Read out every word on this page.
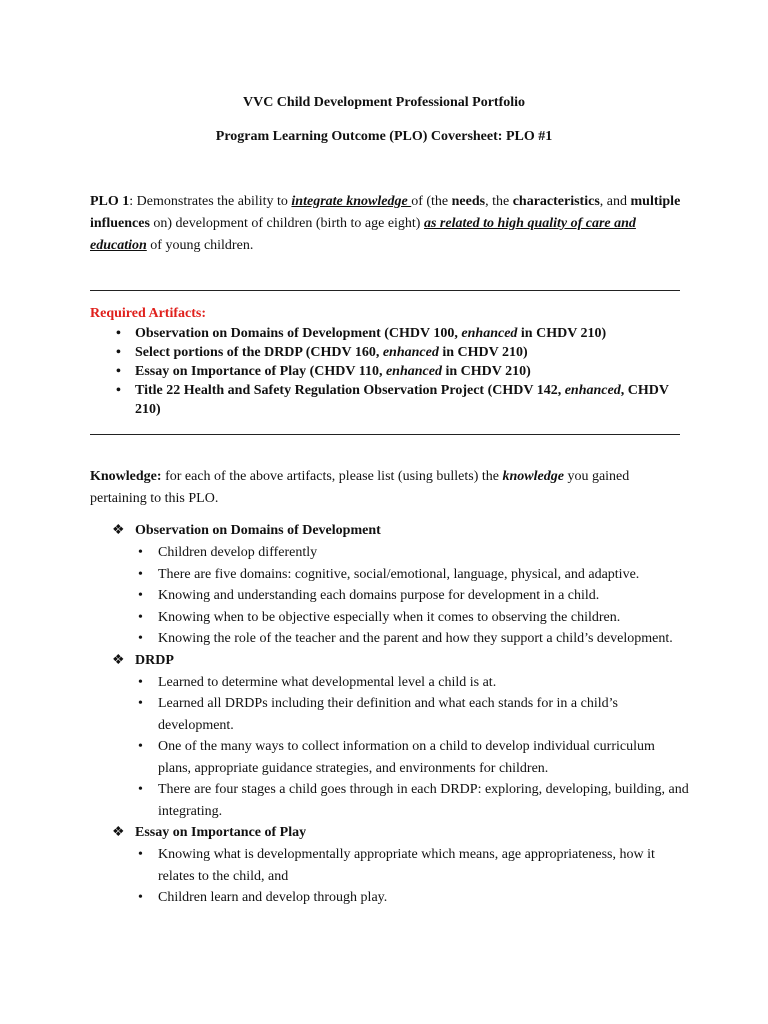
VVC Child Development Professional Portfolio
Program Learning Outcome (PLO) Coversheet: PLO #1
PLO 1: Demonstrates the ability to integrate knowledge of (the needs, the characteristics, and multiple influences on) development of children (birth to age eight) as related to high quality of care and education of young children.
Required Artifacts:
• Observation on Domains of Development (CHDV 100, enhanced in CHDV 210)
• Select portions of the DRDP (CHDV 160, enhanced in CHDV 210)
• Essay on Importance of Play (CHDV 110, enhanced in CHDV 210)
• Title 22 Health and Safety Regulation Observation Project (CHDV 142, enhanced, CHDV 210)
Knowledge: for each of the above artifacts, please list (using bullets) the knowledge you gained pertaining to this PLO.
❖ Observation on Domains of Development
• Children develop differently
• There are five domains: cognitive, social/emotional, language, physical, and adaptive.
• Knowing and understanding each domains purpose for development in a child.
• Knowing when to be objective especially when it comes to observing the children.
• Knowing the role of the teacher and the parent and how they support a child’s development.
❖ DRDP
• Learned to determine what developmental level a child is at.
• Learned all DRDPs including their definition and what each stands for in a child’s development.
• One of the many ways to collect information on a child to develop individual curriculum plans, appropriate guidance strategies, and environments for children.
• There are four stages a child goes through in each DRDP: exploring, developing, building, and integrating.
❖ Essay on Importance of Play
• Knowing what is developmentally appropriate which means, age appropriateness, how it relates to the child, and
• Children learn and develop through play.
